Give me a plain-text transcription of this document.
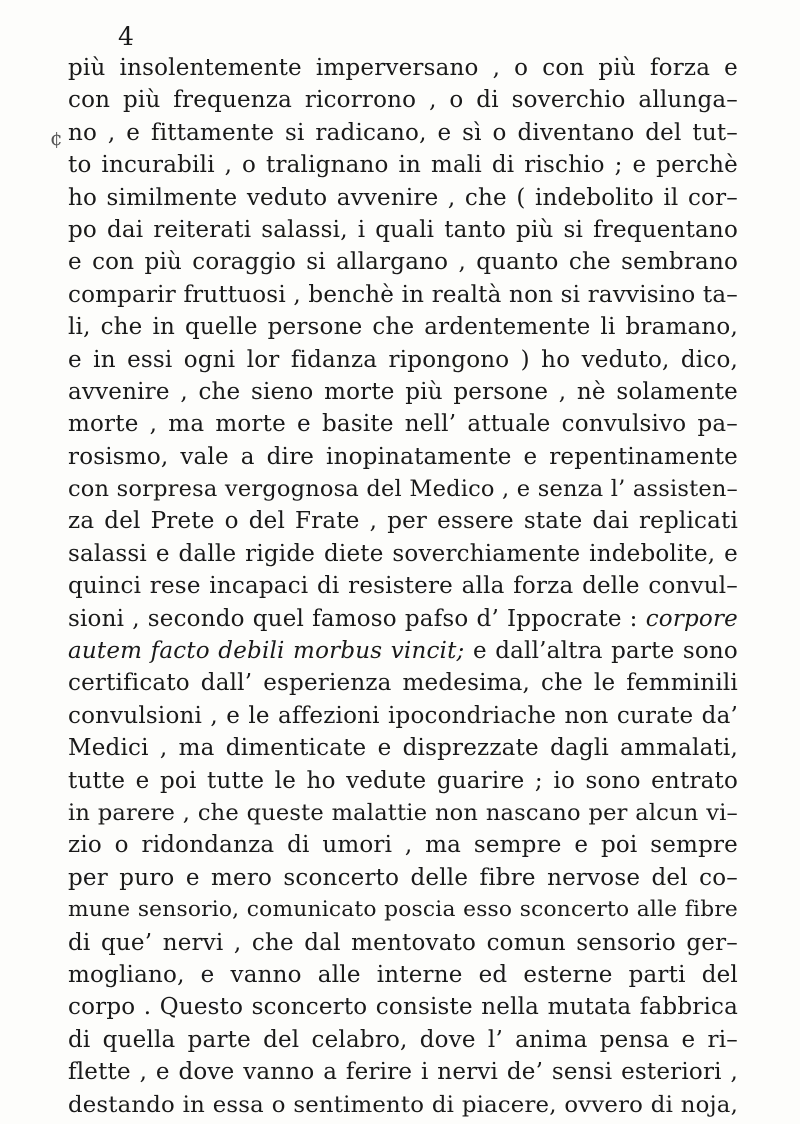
4
¢
più insolentemente imperversano , o con più forza e
con più frequenza ricorrono , o di soverchio allunga–
no , e fittamente si radicano, e sì o diventano del tut–
to incurabili , o tralignano in mali di rischio ; e perchè
ho similmente veduto avvenire , che ( indebolito il cor–
po dai reiterati salassi, i quali tanto più si frequentano
e con più coraggio si allargano , quanto che sembrano
comparir fruttuosi , benchè in realtà non si ravvisino ta–
li, che in quelle persone che ardentemente li bramano,
e in essi ogni lor fidanza ripongono ) ho veduto, dico,
avvenire , che sieno morte più persone , nè solamente
morte , ma morte e basite nell’ attuale convulsivo pa–
rosismo, vale a dire inopinatamente e repentinamente
con sorpresa vergognosa del Medico , e senza l’ assisten–
za del Prete o del Frate , per essere state dai replicati
salassi e dalle rigide diete soverchiamente indebolite, e
quinci rese incapaci di resistere alla forza delle convul–
sioni , secondo quel famoso pafso d’ Ippocrate : corpore
autem facto debili morbus vincit; e dall’altra parte sono
certificato dall’ esperienza medesima, che le femminili
convulsioni , e le affezioni ipocondriache non curate da’
Medici , ma dimenticate e disprezzate dagli ammalati,
tutte e poi tutte le ho vedute guarire ; io sono entrato
in parere , che queste malattie non nascano per alcun vi–
zio o ridondanza di umori , ma sempre e poi sempre
per puro e mero sconcerto delle fibre nervose del co–
mune sensorio, comunicato poscia esso sconcerto alle fibre
di que’ nervi , che dal mentovato comun sensorio ger–
mogliano, e vanno alle interne ed esterne parti del
corpo . Questo sconcerto consiste nella mutata fabbrica
di quella parte del celabro, dove l’ anima pensa e ri–
flette , e dove vanno a ferire i nervi de’ sensi esteriori ,
destando in essa o sentimento di piacere, ovvero di noja,
